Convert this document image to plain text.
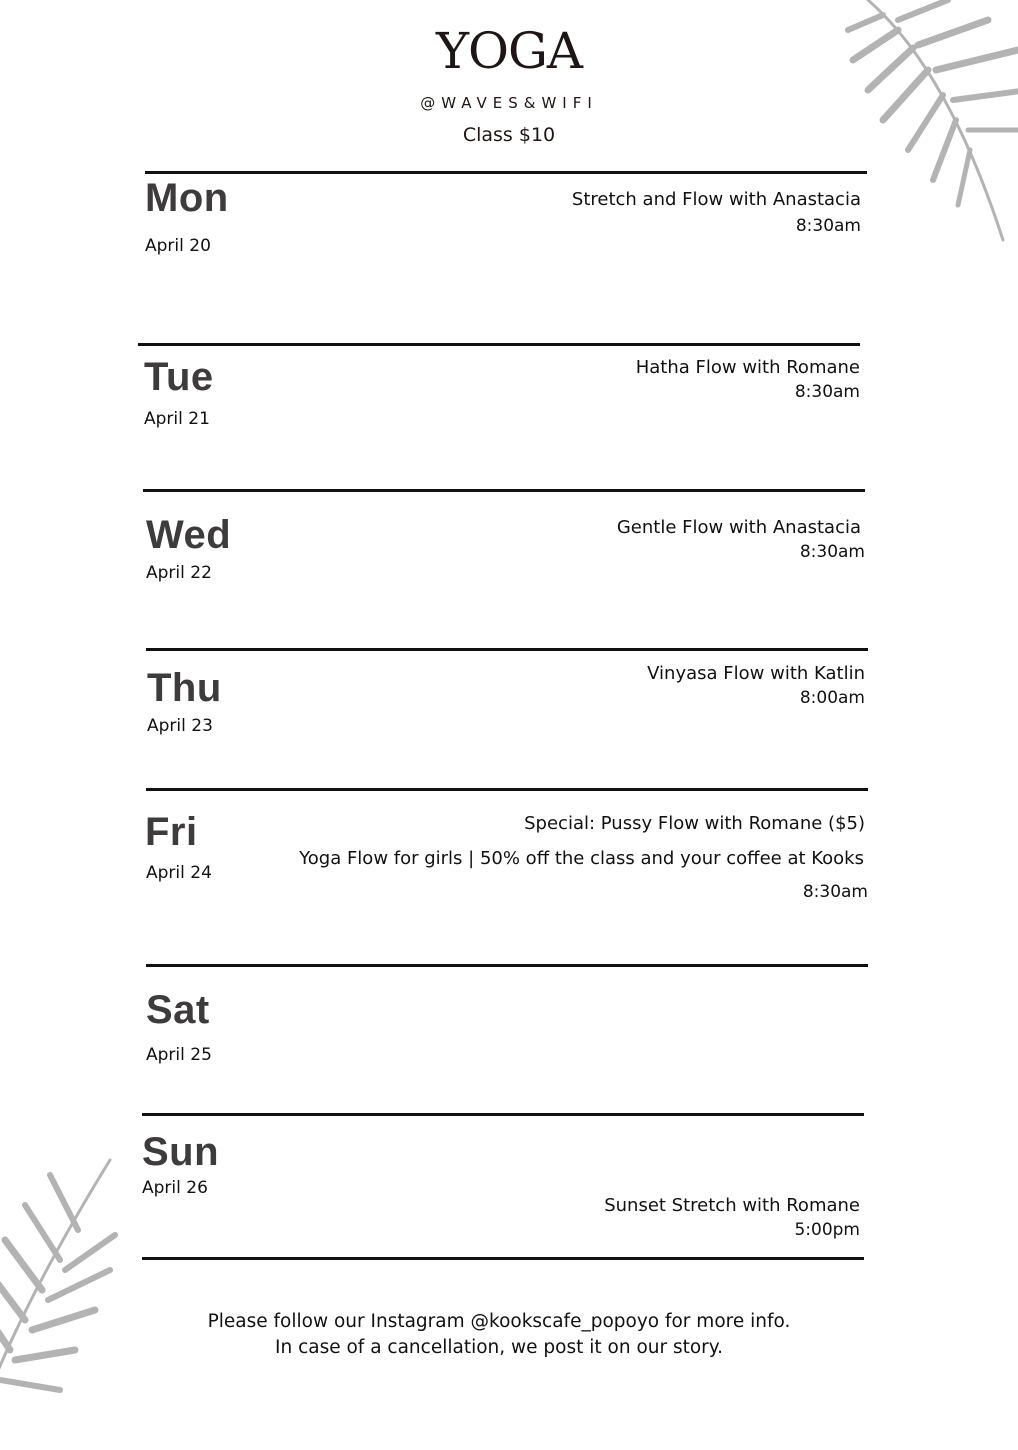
YOGA
@WAVES&WIFI
Class $10
Mon
April 20
Stretch and Flow with Anastacia
8:30am
Tue
April 21
Hatha Flow with Romane
8:30am
Wed
April 22
Gentle Flow with Anastacia
8:30am
Thu
April 23
Vinyasa Flow with Katlin
8:00am
Fri
April 24
Special: Pussy Flow with Romane ($5)
Yoga Flow for girls | 50% off the class and your coffee at Kooks
8:30am
Sat
April 25
Sun
April 26
Sunset Stretch with Romane
5:00pm
Please follow our Instagram @kookscafe_popoyo for more info.
In case of a cancellation, we post it on our story.
